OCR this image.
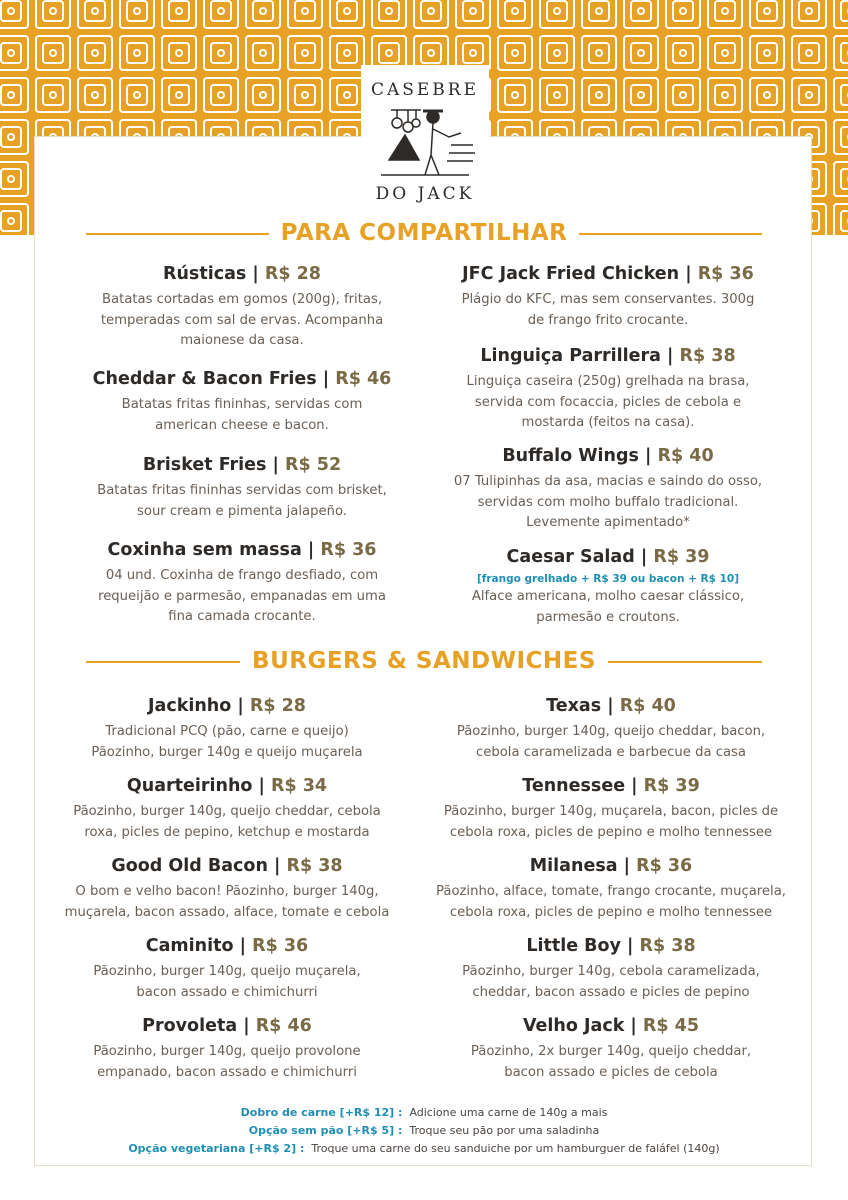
CASEBRE
DO JACK
PARA COMPARTILHAR
BURGERS & SANDWICHES
Rústicas | R$ 28
Batatas cortadas em gomos (200g), fritas, temperadas com sal de ervas. Acompanha maionese da casa.
Cheddar & Bacon Fries | R$ 46
Batatas fritas fininhas, servidas com american cheese e bacon.
Brisket Fries | R$ 52
Batatas fritas fininhas servidas com brisket, sour cream e pimenta jalapeño.
Coxinha sem massa | R$ 36
04 und. Coxinha de frango desfiado, com requeijão e parmesão, empanadas em uma fina camada crocante.
JFC Jack Fried Chicken | R$ 36
Plágio do KFC, mas sem conservantes. 300g de frango frito crocante.
Linguiça Parrillera | R$ 38
Linguiça caseira (250g) grelhada na brasa, servida com focaccia, picles de cebola e mostarda (feitos na casa).
Buffalo Wings | R$ 40
07 Tulipinhas da asa, macias e saindo do osso, servidas com molho buffalo tradicional. Levemente apimentado*
Caesar Salad | R$ 39
[frango grelhado + R$ 39 ou bacon + R$ 10]
Alface americana, molho caesar clássico, parmesão e croutons.
Jackinho | R$ 28
Tradicional PCQ (pão, carne e queijo) Pãozinho, burger 140g e queijo muçarela
Quarteirinho | R$ 34
Pãozinho, burger 140g, queijo cheddar, cebola roxa, picles de pepino, ketchup e mostarda
Good Old Bacon | R$ 38
O bom e velho bacon! Pãozinho, burger 140g, muçarela, bacon assado, alface, tomate e cebola
Caminito | R$ 36
Pãozinho, burger 140g, queijo muçarela, bacon assado e chimichurri
Provoleta | R$ 46
Pãozinho, burger 140g, queijo provolone empanado, bacon assado e chimichurri
Texas | R$ 40
Pãozinho, burger 140g, queijo cheddar, bacon, cebola caramelizada e barbecue da casa
Tennessee | R$ 39
Pãozinho, burger 140g, muçarela, bacon, picles de cebola roxa, picles de pepino e molho tennessee
Milanesa | R$ 36
Pãozinho, alface, tomate, frango crocante, muçarela, cebola roxa, picles de pepino e molho tennessee
Little Boy | R$ 38
Pãozinho, burger 140g, cebola caramelizada, cheddar, bacon assado e picles de pepino
Velho Jack | R$ 45
Pãozinho, 2x burger 140g, queijo cheddar, bacon assado e picles de cebola
Dobro de carne [+R$ 12] : Adicione uma carne de 140g a mais
Opção sem pão [+R$ 5] : Troque seu pão por uma saladinha
Opção vegetariana [+R$ 2] : Troque uma carne do seu sanduiche por um hamburguer de faláfel (140g)
